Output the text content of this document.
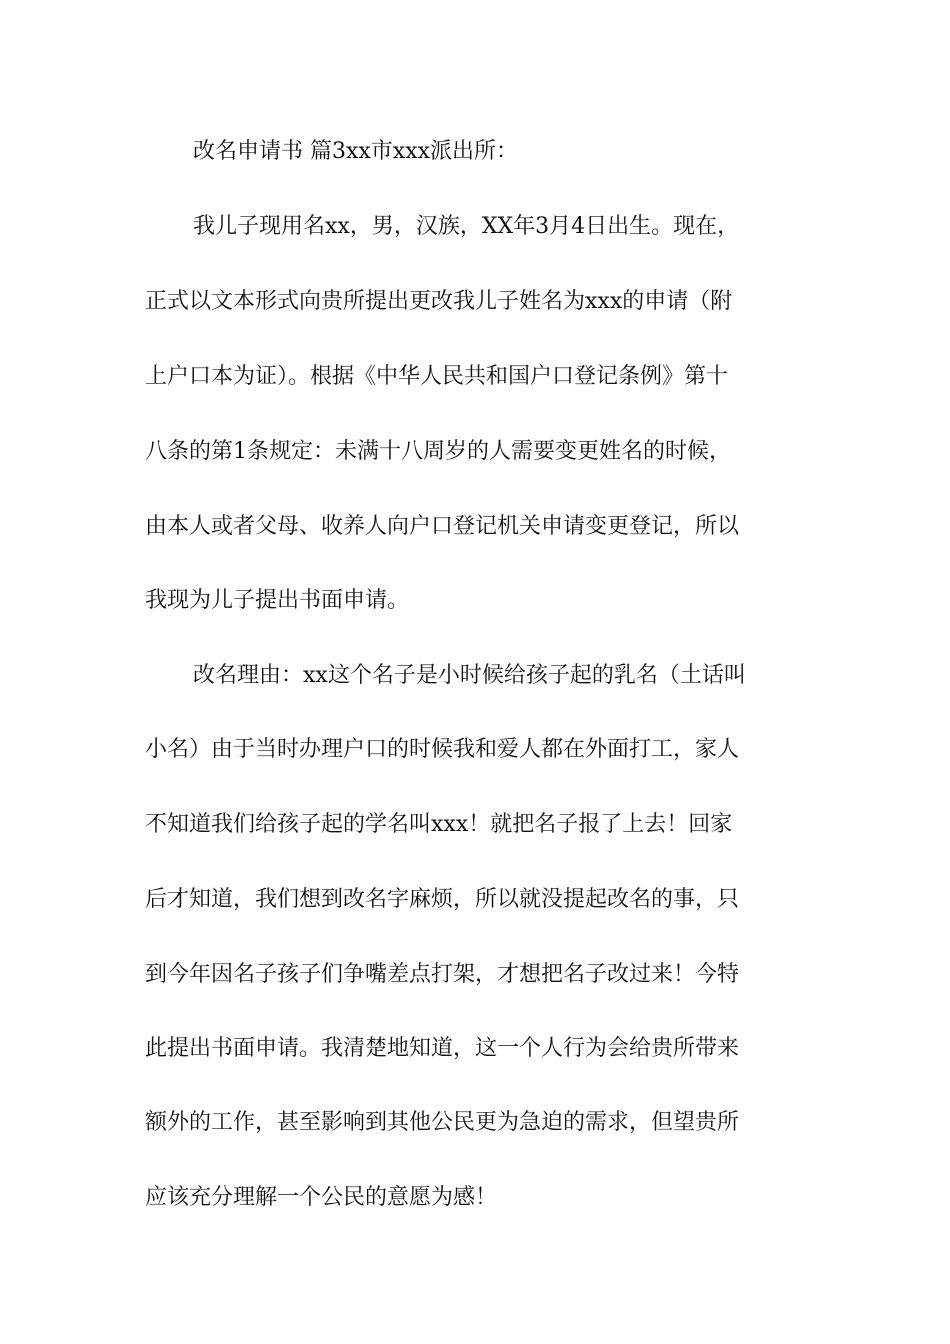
改名申请书 篇3xx市xxx派出所：
我儿子现用名xx，男，汉族，XX年3月4日出生。现在，
正式以文本形式向贵所提出更改我儿子姓名为xxx的申请（附
上户口本为证）。根据《中华人民共和国户口登记条例》第十
八条的第1条规定：未满十八周岁的人需要变更姓名的时候，
由本人或者父母、收养人向户口登记机关申请变更登记，所以
我现为儿子提出书面申请。
改名理由：xx这个名子是小时候给孩子起的乳名（土话叫
小名）由于当时办理户口的时候我和爱人都在外面打工，家人
不知道我们给孩子起的学名叫xxx！就把名子报了上去！回家
后才知道，我们想到改名字麻烦，所以就没提起改名的事，只
到今年因名子孩子们争嘴差点打架，才想把名子改过来！今特
此提出书面申请。我清楚地知道，这一个人行为会给贵所带来
额外的工作，甚至影响到其他公民更为急迫的需求，但望贵所
应该充分理解一个公民的意愿为感！
